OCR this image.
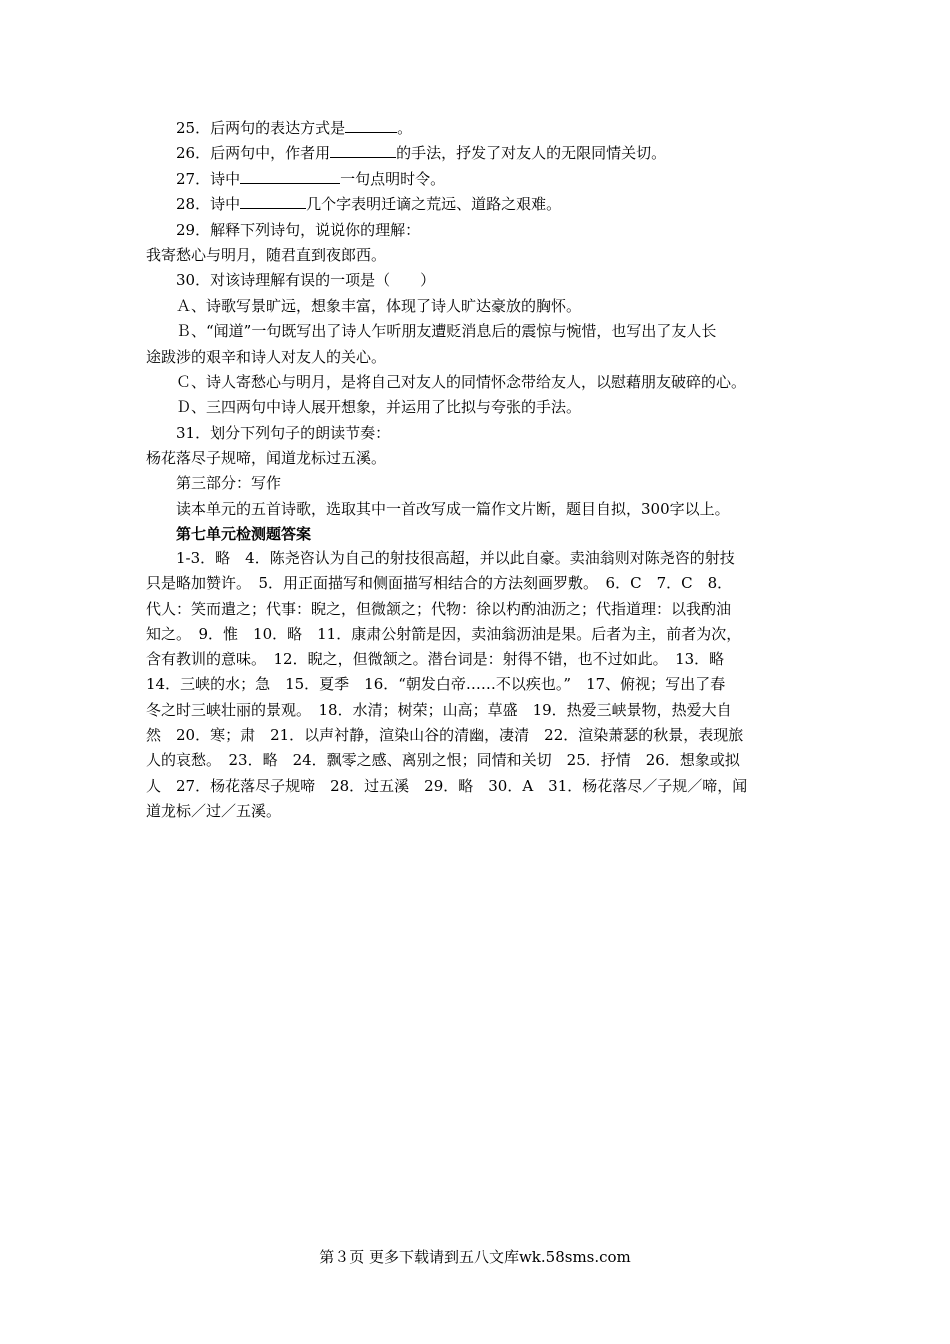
25．后两句的表达方式是	。
26．后两句中，作者用	的手法，抒发了对友人的无限同情关切。
27．诗中	一句点明时令。
28．诗中	几个字表明迁谪之荒远、道路之艰难。
29．解释下列诗句，说说你的理解：
我寄愁心与明月，随君直到夜郎西。
30．对该诗理解有误的一项是（　　）
Ａ、诗歌写景旷远，想象丰富，体现了诗人旷达豪放的胸怀。
Ｂ、“闻道”一句既写出了诗人乍听朋友遭贬消息后的震惊与惋惜，也写出了友人长
途跋涉的艰辛和诗人对友人的关心。
Ｃ、诗人寄愁心与明月，是将自己对友人的同情怀念带给友人，以慰藉朋友破碎的心。
Ｄ、三四两句中诗人展开想象，并运用了比拟与夸张的手法。
31．划分下列句子的朗读节奏：
杨花落尽子规啼，闻道龙标过五溪。
第三部分：写作
读本单元的五首诗歌，选取其中一首改写成一篇作文片断，题目自拟，300字以上。
第七单元检测题答案
1-3．略　4．陈尧咨认为自己的射技很高超，并以此自豪。卖油翁则对陈尧咨的射技
只是略加赞许。　5．用正面描写和侧面描写相结合的方法刻画罗敷。　6．C　7．C　8．
代人：笑而遣之；代事：睨之，但微颔之；代物：徐以杓酌油沥之；代指道理：以我酌油
知之。　9．惟　10．略　11．康肃公射箭是因，卖油翁沥油是果。后者为主，前者为次，
含有教训的意味。　12．睨之，但微颔之。潜台词是：射得不错，也不过如此。　13．略
14．三峡的水；急　15．夏季　16．“朝发白帝……不以疾也。”　17、俯视；写出了春
冬之时三峡壮丽的景观。　18．水清；树荣；山高；草盛　19．热爱三峡景物，热爱大自
然　20．寒；肃　21．以声衬静，渲染山谷的清幽，凄清　22．渲染萧瑟的秋景，表现旅
人的哀愁。　23．略　24．飘零之感、离别之恨；同情和关切　25．抒情　26．想象或拟
人　27．杨花落尽子规啼　28．过五溪　29．略　30．A　31．杨花落尽／子规／啼，闻
道龙标／过／五溪。
第３页 更多下载请到五八文库wk.58sms.com
